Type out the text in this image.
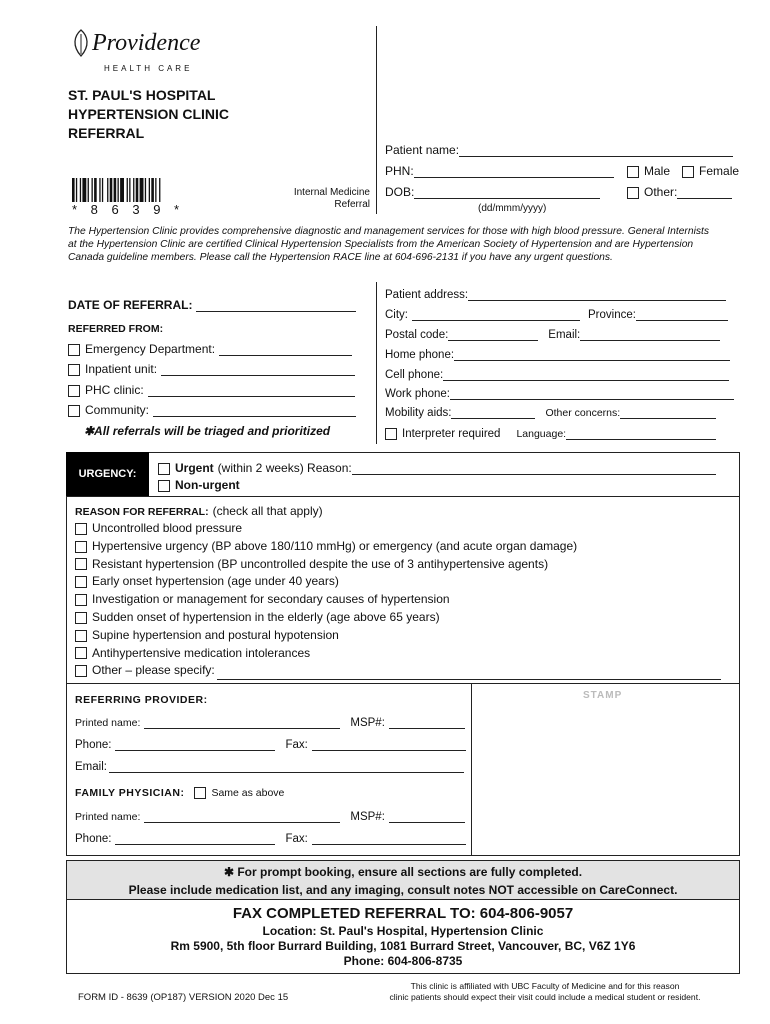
Providence
HEALTH CARE
ST. PAUL'S HOSPITAL
HYPERTENSION CLINIC
REFERRAL
* 8 6 3 9 *
Internal Medicine
Referral
Patient name:
PHN:	Male Female
DOB:	Other:
(dd/mmm/yyyy)
The Hypertension Clinic provides comprehensive diagnostic and management services for those with high blood pressure. General Internists at the Hypertension Clinic are certified Clinical Hypertension Specialists from the American Society of Hypertension and are Hypertension Canada guideline members. Please call the Hypertension RACE line at 604-696-2131 if you have any urgent questions.
DATE OF REFERRAL:
REFERRED FROM:
Emergency Department:
Inpatient unit:
PHC clinic:
Community:
✱All referrals will be triaged and prioritized
Patient address:
City:	Province:
Postal code:	Email:
Home phone:
Cell phone:
Work phone:
Mobility aids:	Other concerns:
Interpreter required Language:
URGENCY:	Urgent (within 2 weeks) Reason:
Non-urgent
REASON FOR REFERRAL: (check all that apply)
Uncontrolled blood pressure
Hypertensive urgency (BP above 180/110 mmHg) or emergency (and acute organ damage)
Resistant hypertension (BP uncontrolled despite the use of 3 antihypertensive agents)
Early onset hypertension (age under 40 years)
Investigation or management for secondary causes of hypertension
Sudden onset of hypertension in the elderly (age above 65 years)
Supine hypertension and postural hypotension
Antihypertensive medication intolerances
Other – please specify:
STAMP
REFERRING PROVIDER:
Printed name:	MSP#:
Phone:	Fax:
Email:
FAMILY PHYSICIAN:	Same as above
Printed name:	MSP#:
Phone:	Fax:
✱ For prompt booking, ensure all sections are fully completed.
Please include medication list, and any imaging, consult notes NOT accessible on CareConnect.
FAX COMPLETED REFERRAL TO: 604-806-9057
Location: St. Paul's Hospital, Hypertension Clinic
Rm 5900, 5th floor Burrard Building, 1081 Burrard Street, Vancouver, BC, V6Z 1Y6
Phone: 604-806-8735
FORM ID - 8639 (OP187) VERSION 2020 Dec 15
This clinic is affiliated with UBC Faculty of Medicine and for this reason
clinic patients should expect their visit could include a medical student or resident.
